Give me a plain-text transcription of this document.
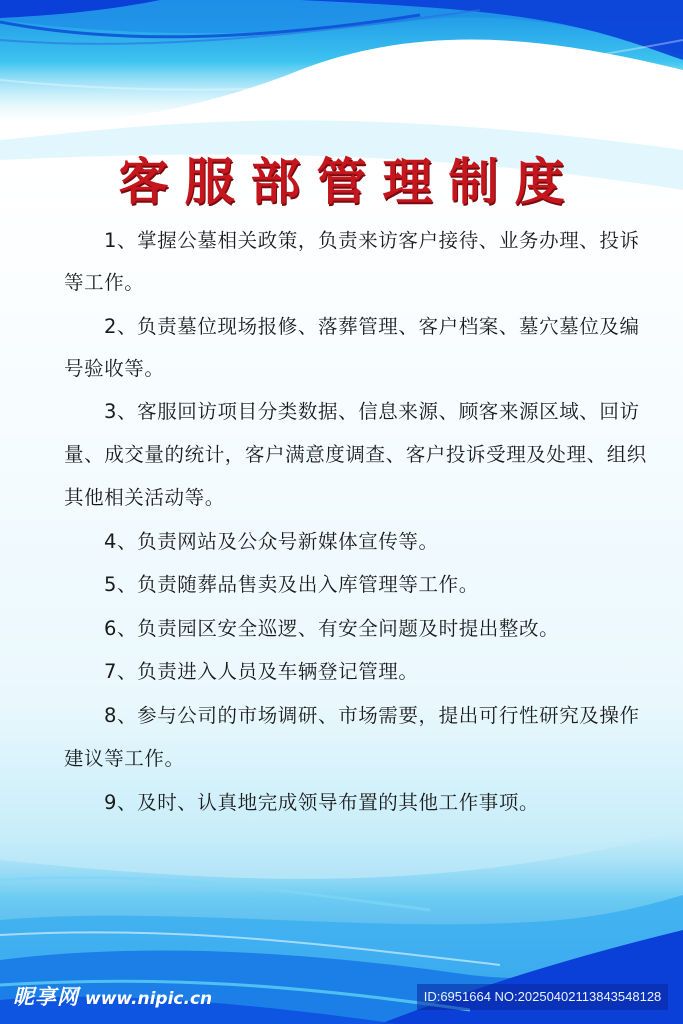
客服部管理制度
1、掌握公墓相关政策，负责来访客户接待、业务办理、投诉
等工作。
2、负责墓位现场报修、落葬管理、客户档案、墓穴墓位及编
号验收等。
3、客服回访项目分类数据、信息来源、顾客来源区域、回访
量、成交量的统计，客户满意度调查、客户投诉受理及处理、组织
其他相关活动等。
4、负责网站及公众号新媒体宣传等。
5、负责随葬品售卖及出入库管理等工作。
6、负责园区安全巡逻、有安全问题及时提出整改。
7、负责进入人员及车辆登记管理。
8、参与公司的市场调研、市场需要，提出可行性研究及操作
建议等工作。
9、及时、认真地完成领导布置的其他工作事项。
昵享网 www.nipic.cn	ID:6951664 NO:20250402113843548128
